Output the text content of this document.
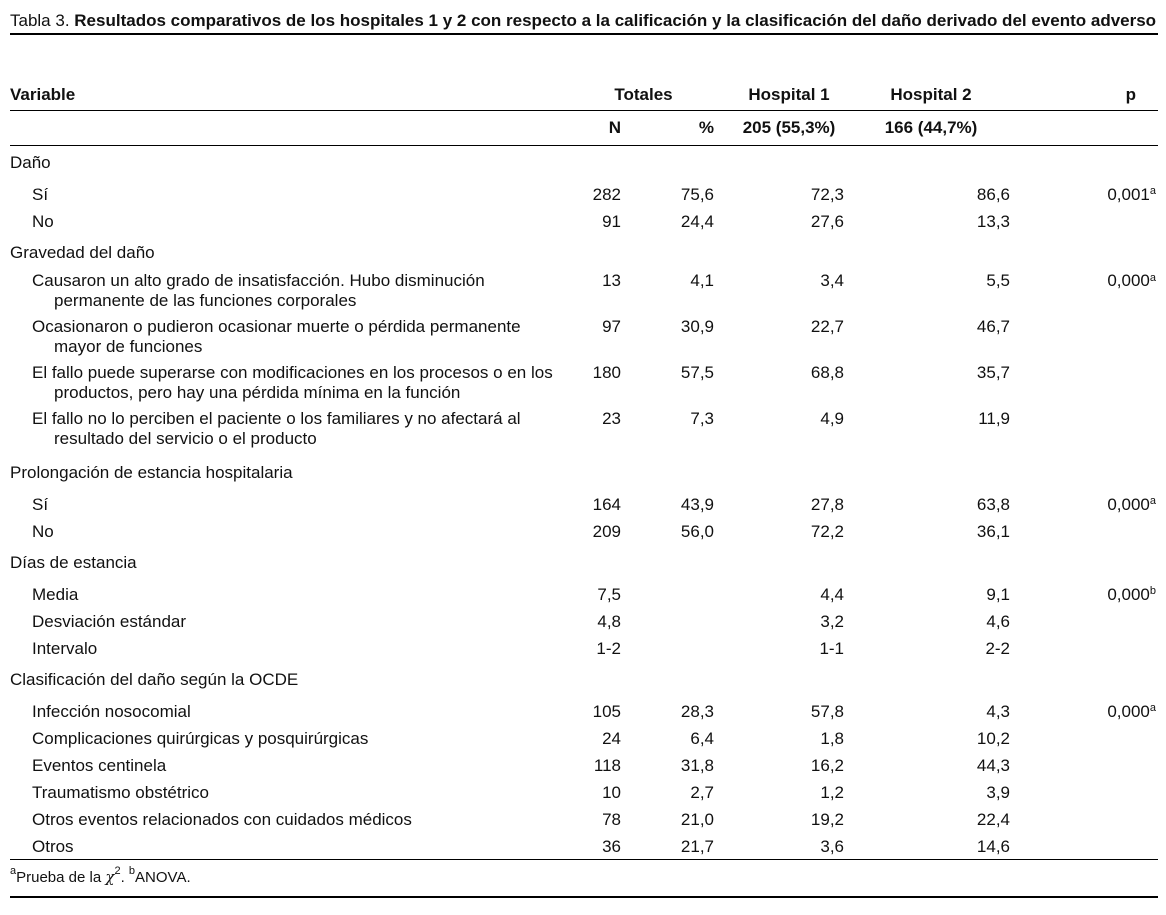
Tabla 3. Resultados comparativos de los hospitales 1 y 2 con respecto a la calificación y la clasificación del daño derivado del evento adverso
Variable	Totales		Hospital 1	Hospital 2	p
	N	%	205 (55,3%)	166 (44,7%)	
Daño					
Sí	282	75,6	72,3	86,6	0,001$^a$
No	91	24,4	27,6	13,3	
Gravedad del daño					
Causaron un alto grado de insatisfacción. Hubo disminución permanente de las funciones corporales	13	4,1	3,4	5,5	0,000$^a$
Ocasionaron o pudieron ocasionar muerte o pérdida permanente mayor de funciones	97	30,9	22,7	46,7	
El fallo puede superarse con modificaciones en los procesos o en los productos, pero hay una pérdida mínima en la función	180	57,5	68,8	35,7	
El fallo no lo perciben el paciente o los familiares y no afectará al resultado del servicio o el producto	23	7,3	4,9	11,9	
Prolongación de estancia hospitalaria					
Sí	164	43,9	27,8	63,8	0,000$^a$
No	209	56,0	72,2	36,1	
Días de estancia					
Media	7,5		4,4	9,1	0,000$^b$
Desviación estándar	4,8		3,2	4,6	
Intervalo	1-2		1-1	2-2	
Clasificación del daño según la OCDE					
Infección nosocomial	105	28,3	57,8	4,3	0,000$^a$
Complicaciones quirúrgicas y posquirúrgicas	24	6,4	1,8	10,2	
Eventos centinela	118	31,8	16,2	44,3	
Traumatismo obstétrico	10	2,7	1,2	3,9	
Otros eventos relacionados con cuidados médicos	78	21,0	19,2	22,4	
Otros	36	21,7	3,6	14,6	
$^a$Prueba de la $\chi^2$. $^b$ANOVA.
